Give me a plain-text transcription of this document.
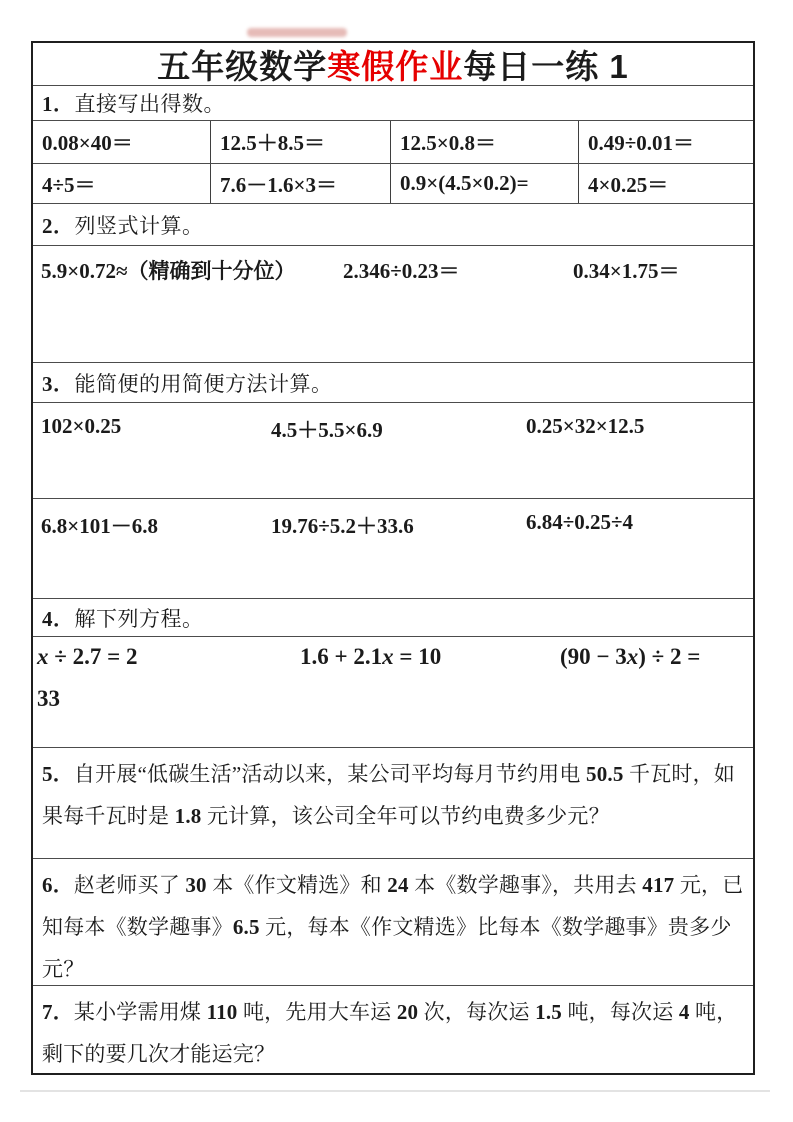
五年级数学寒假作业每日一练 1
1． 直接写出得数。
0.08×40＝	12.5＋8.5＝	12.5×0.8＝	0.49÷0.01＝
4÷5＝	7.6－1.6×3＝	0.9×(4.5×0.2)=	4×0.25＝
2． 列竖式计算。
5.9×0.72≈（精确到十分位）	2.346÷0.23＝	0.34×1.75＝
3． 能简便的用简便方法计算。
102×0.25	4.5＋5.5×6.9	0.25×32×12.5
6.8×101－6.8	19.76÷5.2＋33.6	6.84÷0.25÷4
4． 解下列方程。
x ÷ 2.7 = 2	1.6 + 2.1x = 10	(90 − 3x) ÷ 2 =
33
5．自开展“低碳生活”活动以来，某公司平均每月节约用电 50.5 千瓦时，如果每千瓦时是 1.8 元计算，该公司全年可以节约电费多少元？
6．赵老师买了 30 本《作文精选》和 24 本《数学趣事》，共用去 417 元，已知每本《数学趣事》6.5 元，每本《作文精选》比每本《数学趣事》贵多少元？
7．某小学需用煤 110 吨，先用大车运 20 次，每次运 1.5 吨，每次运 4 吨，剩下的要几次才能运完？
